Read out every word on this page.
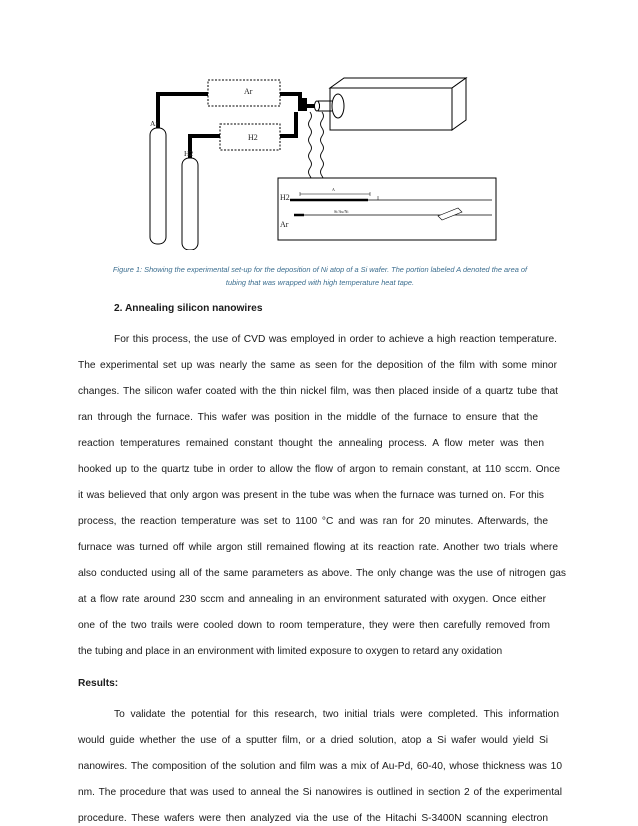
Ar
H2
Ar
H2
H2
Ar
A
Si/Au/Ni
Figure 1: Showing the experimental set-up for the deposition of Ni atop of a Si wafer. The portion labeled A denoted the area of
tubing that was wrapped with high temperature heat tape.
2. Annealing silicon nanowires
For this process, the use of CVD was employed in order to achieve a high reaction temperature.
The experimental set up was nearly the same as seen for the deposition of the film with some minor
changes. The silicon wafer coated with the thin nickel film, was then placed inside of a quartz tube that
ran through the furnace. This wafer was position in the middle of the furnace to ensure that the
reaction temperatures remained constant thought the annealing process. A flow meter was then
hooked up to the quartz tube in order to allow the flow of argon to remain constant, at 110 sccm. Once
it was believed that only argon was present in the tube was when the furnace was turned on. For this
process, the reaction temperature was set to 1100 °C and was ran for 20 minutes. Afterwards, the
furnace was turned off while argon still remained flowing at its reaction rate. Another two trials where
also conducted using all of the same parameters as above. The only change was the use of nitrogen gas
at a flow rate around 230 sccm and annealing in an environment saturated with oxygen. Once either
one of the two trails were cooled down to room temperature, they were then carefully removed from
the tubing and place in an environment with limited exposure to oxygen to retard any oxidation
Results:
To validate the potential for this research, two initial trials were completed. This information
would guide whether the use of a sputter film, or a dried solution, atop a Si wafer would yield Si
nanowires. The composition of the solution and film was a mix of Au-Pd, 60-40, whose thickness was 10
nm. The procedure that was used to anneal the Si nanowires is outlined in section 2 of the experimental
procedure. These wafers were then analyzed via the use of the Hitachi S-3400N scanning electron
